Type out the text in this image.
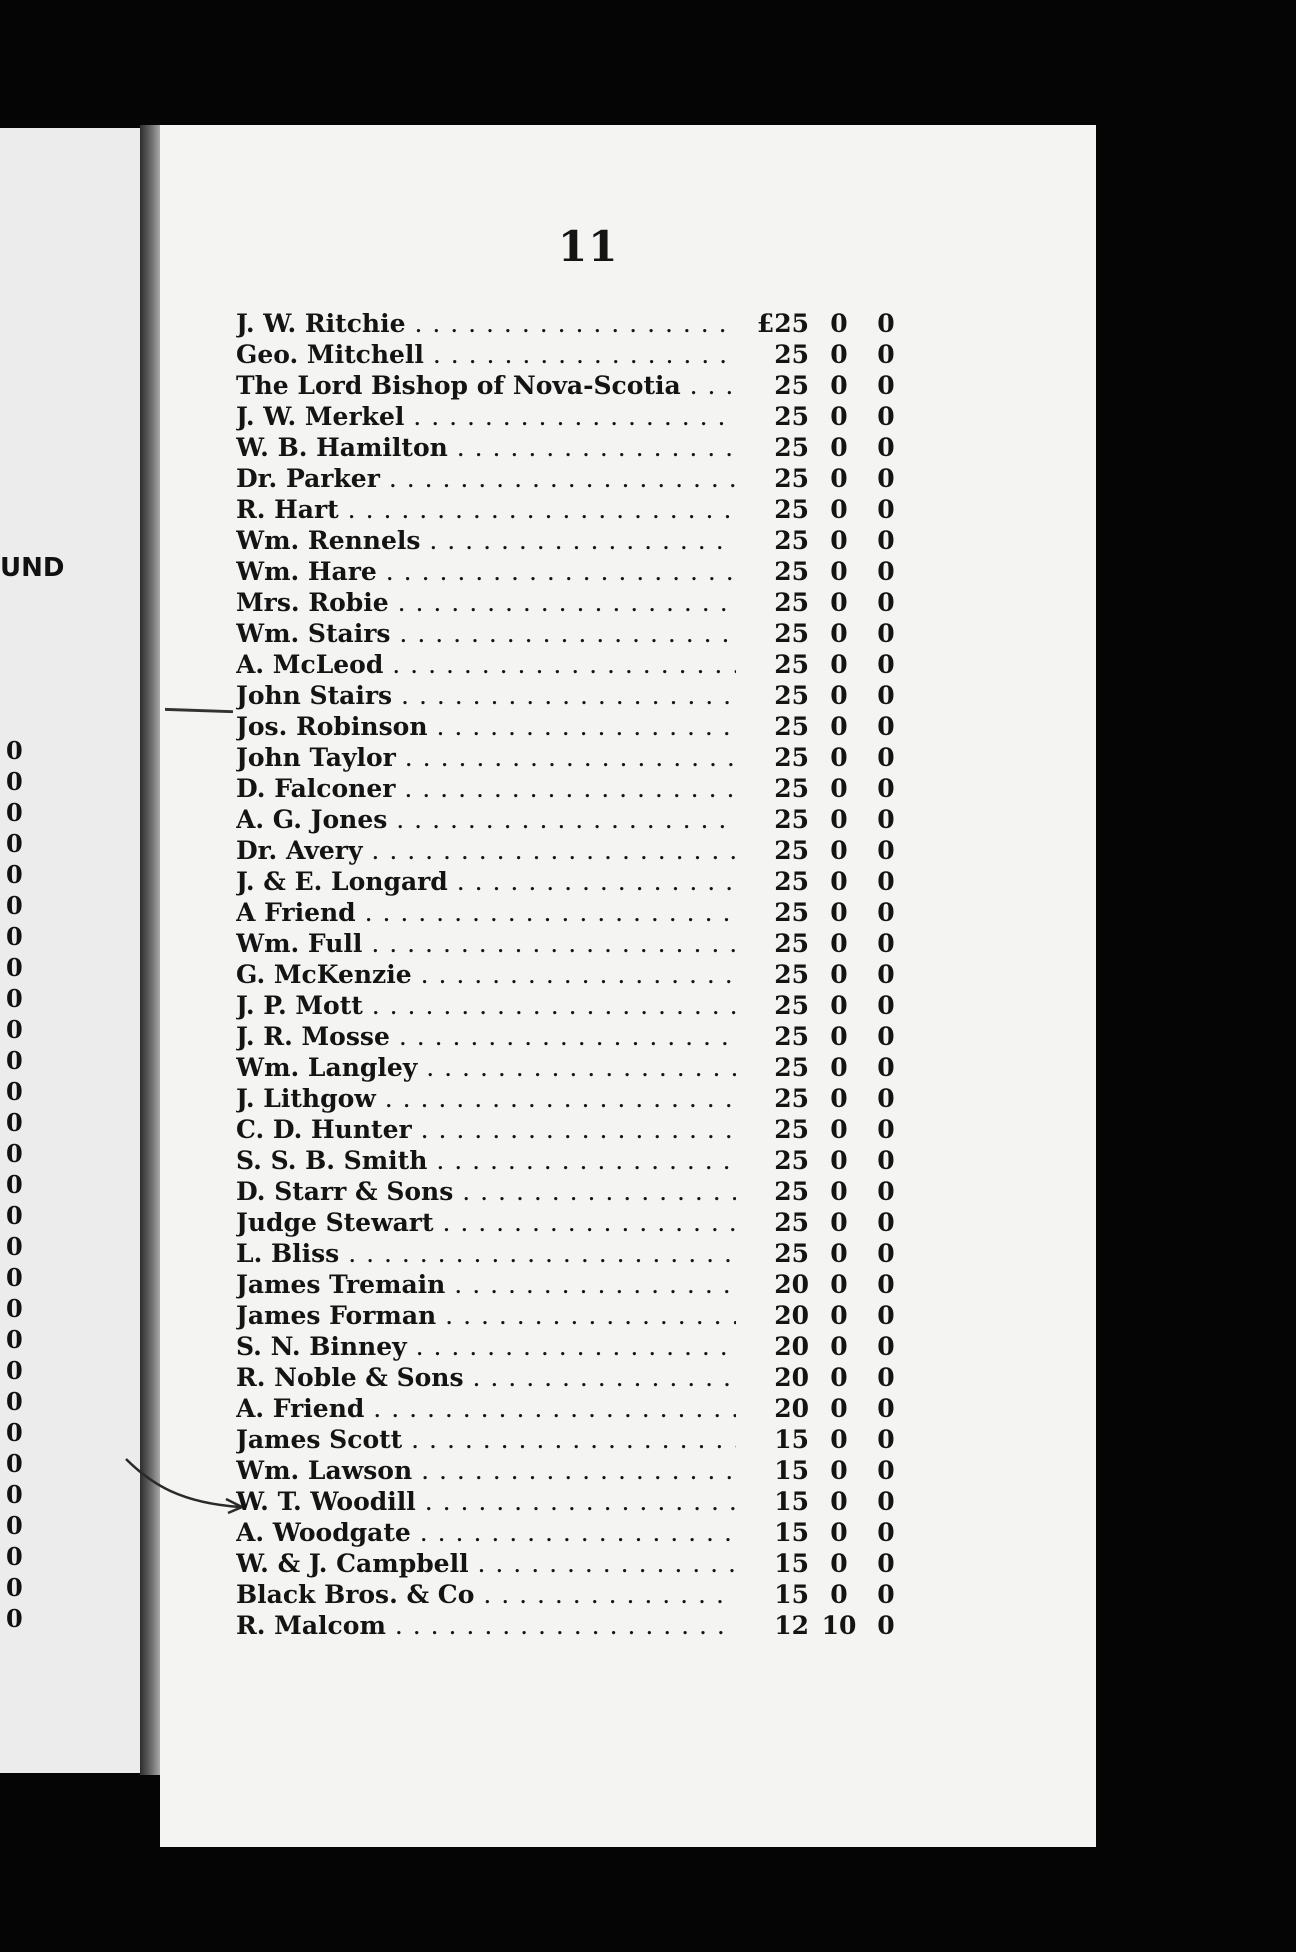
UND
0
0
0
0
0
0
0
0
0
0
0
0
0
0
0
0
0
0
0
0
0
0
0
0
0
0
0
0
0
11
J. W. Ritchie . . .	£25 0	0
Geo. Mitchell . . .	25 0	0
The Lord Bishop of Nova-Scotia . . .	25 0	0
J. W. Merkel . . .	25 0	0
W. B. Hamilton . . .	25 0	0
Dr. Parker . . .	25 0	0
R. Hart . . .	25 0	0
Wm. Rennels . . .	25 0	0
Wm. Hare . . .	25 0	0
Mrs. Robie . . .	25 0	0
Wm. Stairs . . .	25 0	0
A. McLeod . . .	25 0	0
John Stairs . . .	25 0	0
Jos. Robinson . . .	25 0	0
John Taylor . . .	25 0	0
D. Falconer . . .	25 0	0
A. G. Jones . . .	25 0	0
Dr. Avery . . .	25 0	0
J. & E. Longard . . .	25 0	0
A Friend . . .	25 0	0
Wm. Full . . .	25 0	0
G. McKenzie . . .	25 0	0
J. P. Mott . . .	25 0	0
J. R. Mosse . . .	25 0	0
Wm. Langley . . .	25 0	0
J. Lithgow . . .	25 0	0
C. D. Hunter . . .	25 0	0
S. S. B. Smith . . .	25 0	0
D. Starr & Sons . . .	25 0	0
Judge Stewart . . .	25 0	0
L. Bliss . . .	25 0	0
James Tremain . . .	20 0	0
James Forman . . .	20 0	0
S. N. Binney . . .	20 0	0
R. Noble & Sons . . .	20 0	0
A. Friend . . .	20 0	0
James Scott . . .	15 0	0
Wm. Lawson . . .	15 0	0
W. T. Woodill . . .	15 0	0
A. Woodgate . . .	15 0	0
W. & J. Campbell . . .	15 0	0
Black Bros. & Co . . .	15 0	0
R. Malcom . . .	12 10 0
